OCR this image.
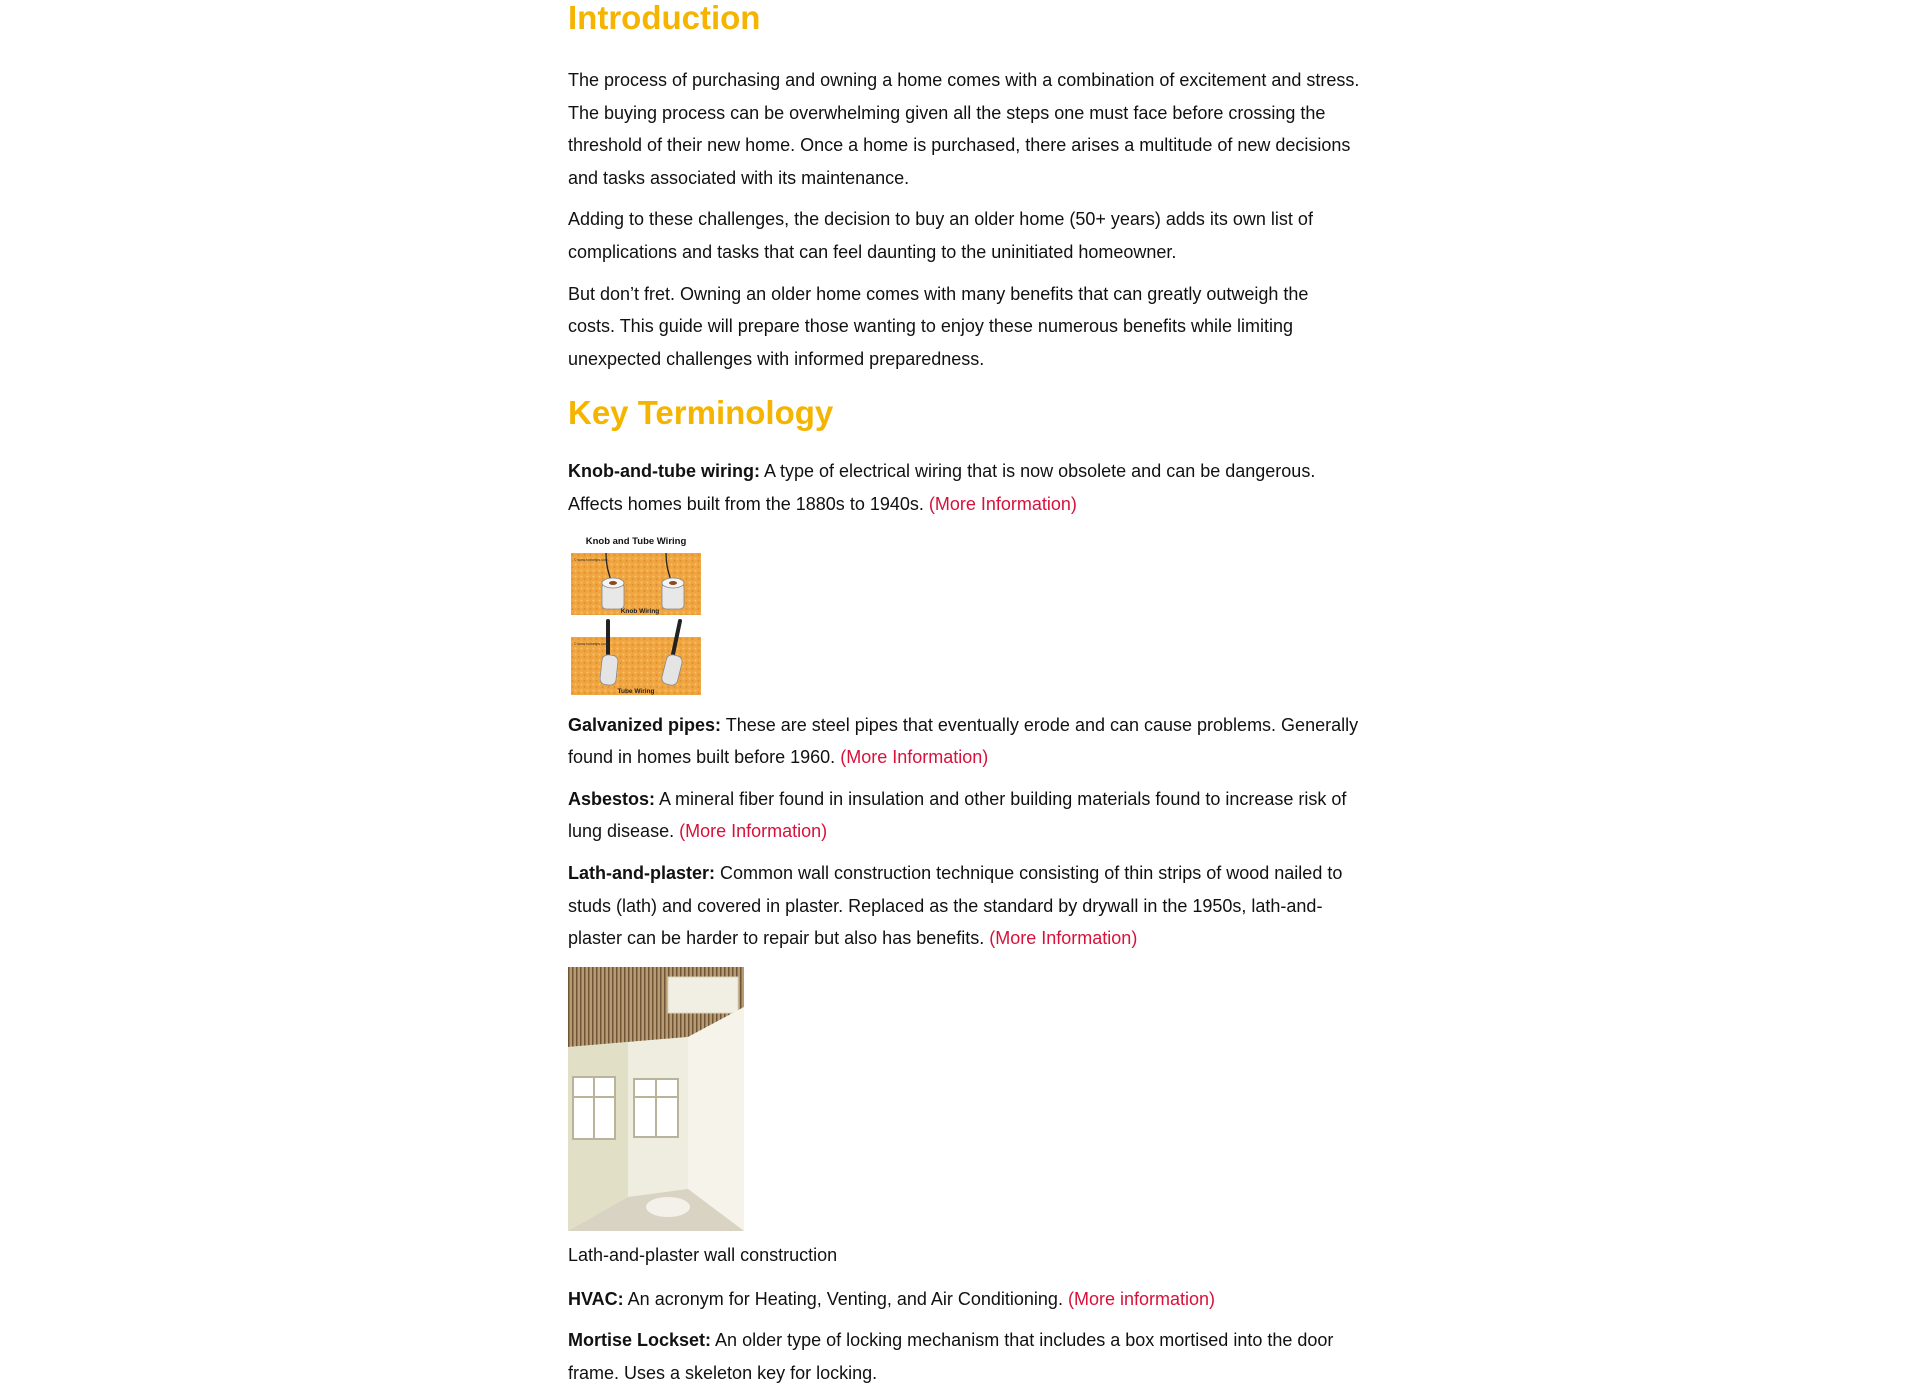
Introduction

The process of purchasing and owning a home comes with a combination of excitement and stress. The buying process can be overwhelming given all the steps one must face before crossing the threshold of their new home. Once a home is purchased, there arises a multitude of new decisions and tasks associated with its maintenance.

Adding to these challenges, the decision to buy an older home (50+ years) adds its own list of complications and tasks that can feel daunting to the uninitiated homeowner.

But don’t fret. Owning an older home comes with many benefits that can greatly outweigh the costs. This guide will prepare those wanting to enjoy these numerous benefits while limiting unexpected challenges with informed preparedness.

Key Terminology

Knob-and-tube wiring: A type of electrical wiring that is now obsolete and can be dangerous. Affects homes built from the 1880s to 1940s. (More Information)

Knob and Tube Wiring
© www.hometips.com
Knob Wiring
© www.hometips.com
Tube Wiring

Galvanized pipes: These are steel pipes that eventually erode and can cause problems. Generally found in homes built before 1960. (More Information)

Asbestos: A mineral fiber found in insulation and other building materials found to increase risk of lung disease. (More Information)

Lath-and-plaster: Common wall construction technique consisting of thin strips of wood nailed to studs (lath) and covered in plaster. Replaced as the standard by drywall in the 1950s, lath-and-plaster can be harder to repair but also has benefits. (More Information)

Lath-and-plaster wall construction

HVAC: An acronym for Heating, Venting, and Air Conditioning. (More information)

Mortise Lockset: An older type of locking mechanism that includes a box mortised into the door frame. Uses a skeleton key for locking.
